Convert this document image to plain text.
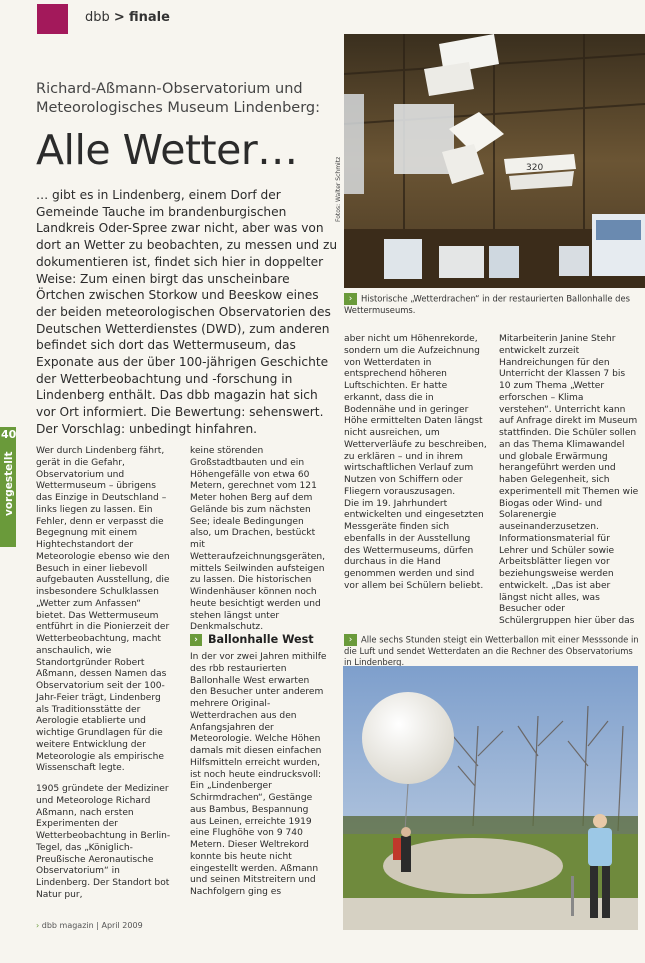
dbb > finale
Richard-Aßmann-Observatorium und Meteorologisches Museum Lindenberg:
Alle Wetter…
… gibt es in Lindenberg, einem Dorf der Gemeinde Tauche im brandenburgischen Landkreis Oder-Spree zwar nicht, aber was von dort an Wetter zu beobachten, zu messen und zu dokumentieren ist, findet sich hier in doppelter Weise: Zum einen birgt das unscheinbare Örtchen zwischen Storkow und Beeskow eines der beiden meteorologischen Observatorien des Deutschen Wetterdienstes (DWD), zum anderen befindet sich dort das Wettermuseum, das Exponate aus der über 100-jährigen Geschichte der Wetterbeobachtung und -forschung in Lindenberg enthält. Das dbb magazin hat sich vor Ort informiert. Die Bewertung: sehenswert. Der Vorschlag: unbedingt hinfahren.
40
vorgestellt
320
Fotos: Walter Schmitz
› Historische „Wetterdrachen“ in der restaurierten Ballonhalle des Wettermuseums.

Wer durch Lindenberg fährt, gerät in die Gefahr, Observatorium und Wettermuseum – übrigens das Einzige in Deutschland – links liegen zu lassen. Ein Fehler, denn er verpasst die Begegnung mit einem Hightechstandort der Meteorologie ebenso wie den Besuch in einer liebevoll aufgebauten Ausstellung, die insbesondere Schulklassen „Wetter zum Anfassen“ bietet. Das Wettermuseum entführt in die Pionierzeit der Wetterbeobachtung, macht anschaulich, wie Standortgründer Robert Aßmann, dessen Namen das Observatorium seit der 100-Jahr-Feier trägt, Lindenberg als Traditionsstätte der Aerologie etablierte und wichtige Grundlagen für die weitere Entwicklung der Meteorologie als empirische Wissenschaft legte.

1905 gründete der Mediziner und Meteorologe Richard Aßmann, nach ersten Experimenten der Wetterbeobachtung in Berlin-Tegel, das „Königlich-Preußische Aeronautische Observatorium“ in Lindenberg. Der Standort bot Natur pur,

keine störenden Großstadtbauten und ein Höhengefälle von etwa 60 Metern, gerechnet vom 121 Meter hohen Berg auf dem Gelände bis zum nächsten See; ideale Bedingungen also, um Drachen, bestückt mit Wetteraufzeichnungsgeräten, mittels Seilwinden aufsteigen zu lassen. Die historischen Windenhäuser können noch heute besichtigt werden und stehen längst unter Denkmalschutz.

› Ballonhalle West

In der vor zwei Jahren mithilfe des rbb restaurierten Ballonhalle West erwarten den Besucher unter anderem mehrere Original-Wetterdrachen aus den Anfangsjahren der Meteorologie. Welche Höhen damals mit diesen einfachen Hilfsmitteln erreicht wurden, ist noch heute eindrucksvoll: Ein „Lindenberger Schirmdrachen“, Gestänge aus Bambus, Bespannung aus Leinen, erreichte 1919 eine Flughöhe von 9 740 Metern. Dieser Weltrekord konnte bis heute nicht eingestellt werden. Aßmann und seinen Mitstreitern und Nachfolgern ging es

aber nicht um Höhenrekorde, sondern um die Aufzeichnung von Wetterdaten in entsprechend höheren Luftschichten. Er hatte erkannt, dass die in Bodennähe und in geringer Höhe ermittelten Daten längst nicht ausreichen, um Wetterverläufe zu beschreiben, zu erklären – und in ihrem wirtschaftlichen Verlauf zum Nutzen von Schiffern oder Fliegern vorauszusagen.

Die im 19. Jahrhundert entwickelten und eingesetzten Messgeräte finden sich ebenfalls in der Ausstellung des Wettermuseums, dürfen durchaus in die Hand genommen werden und sind vor allem bei Schülern beliebt.

Mitarbeiterin Janine Stehr entwickelt zurzeit Handreichungen für den Unterricht der Klassen 7 bis 10 zum Thema „Wetter erforschen – Klima verstehen“. Unterricht kann auf Anfrage direkt im Museum stattfinden. Die Schüler sollen an das Thema Klimawandel und globale Erwärmung herangeführt werden und haben Gelegenheit, sich experimentell mit Themen wie Biogas oder Wind- und Solarenergie auseinanderzusetzen. Informationsmaterial für Lehrer und Schüler sowie Arbeitsblätter liegen vor beziehungsweise werden entwickelt. „Das ist aber längst nicht alles, was Besucher oder Schülergruppen hier über das

› Alle sechs Stunden steigt ein Wetterballon mit einer Messsonde in die Luft und sendet Wetterdaten an die Rechner des Observatoriums in Lindenberg.
› dbb magazin | April 2009
